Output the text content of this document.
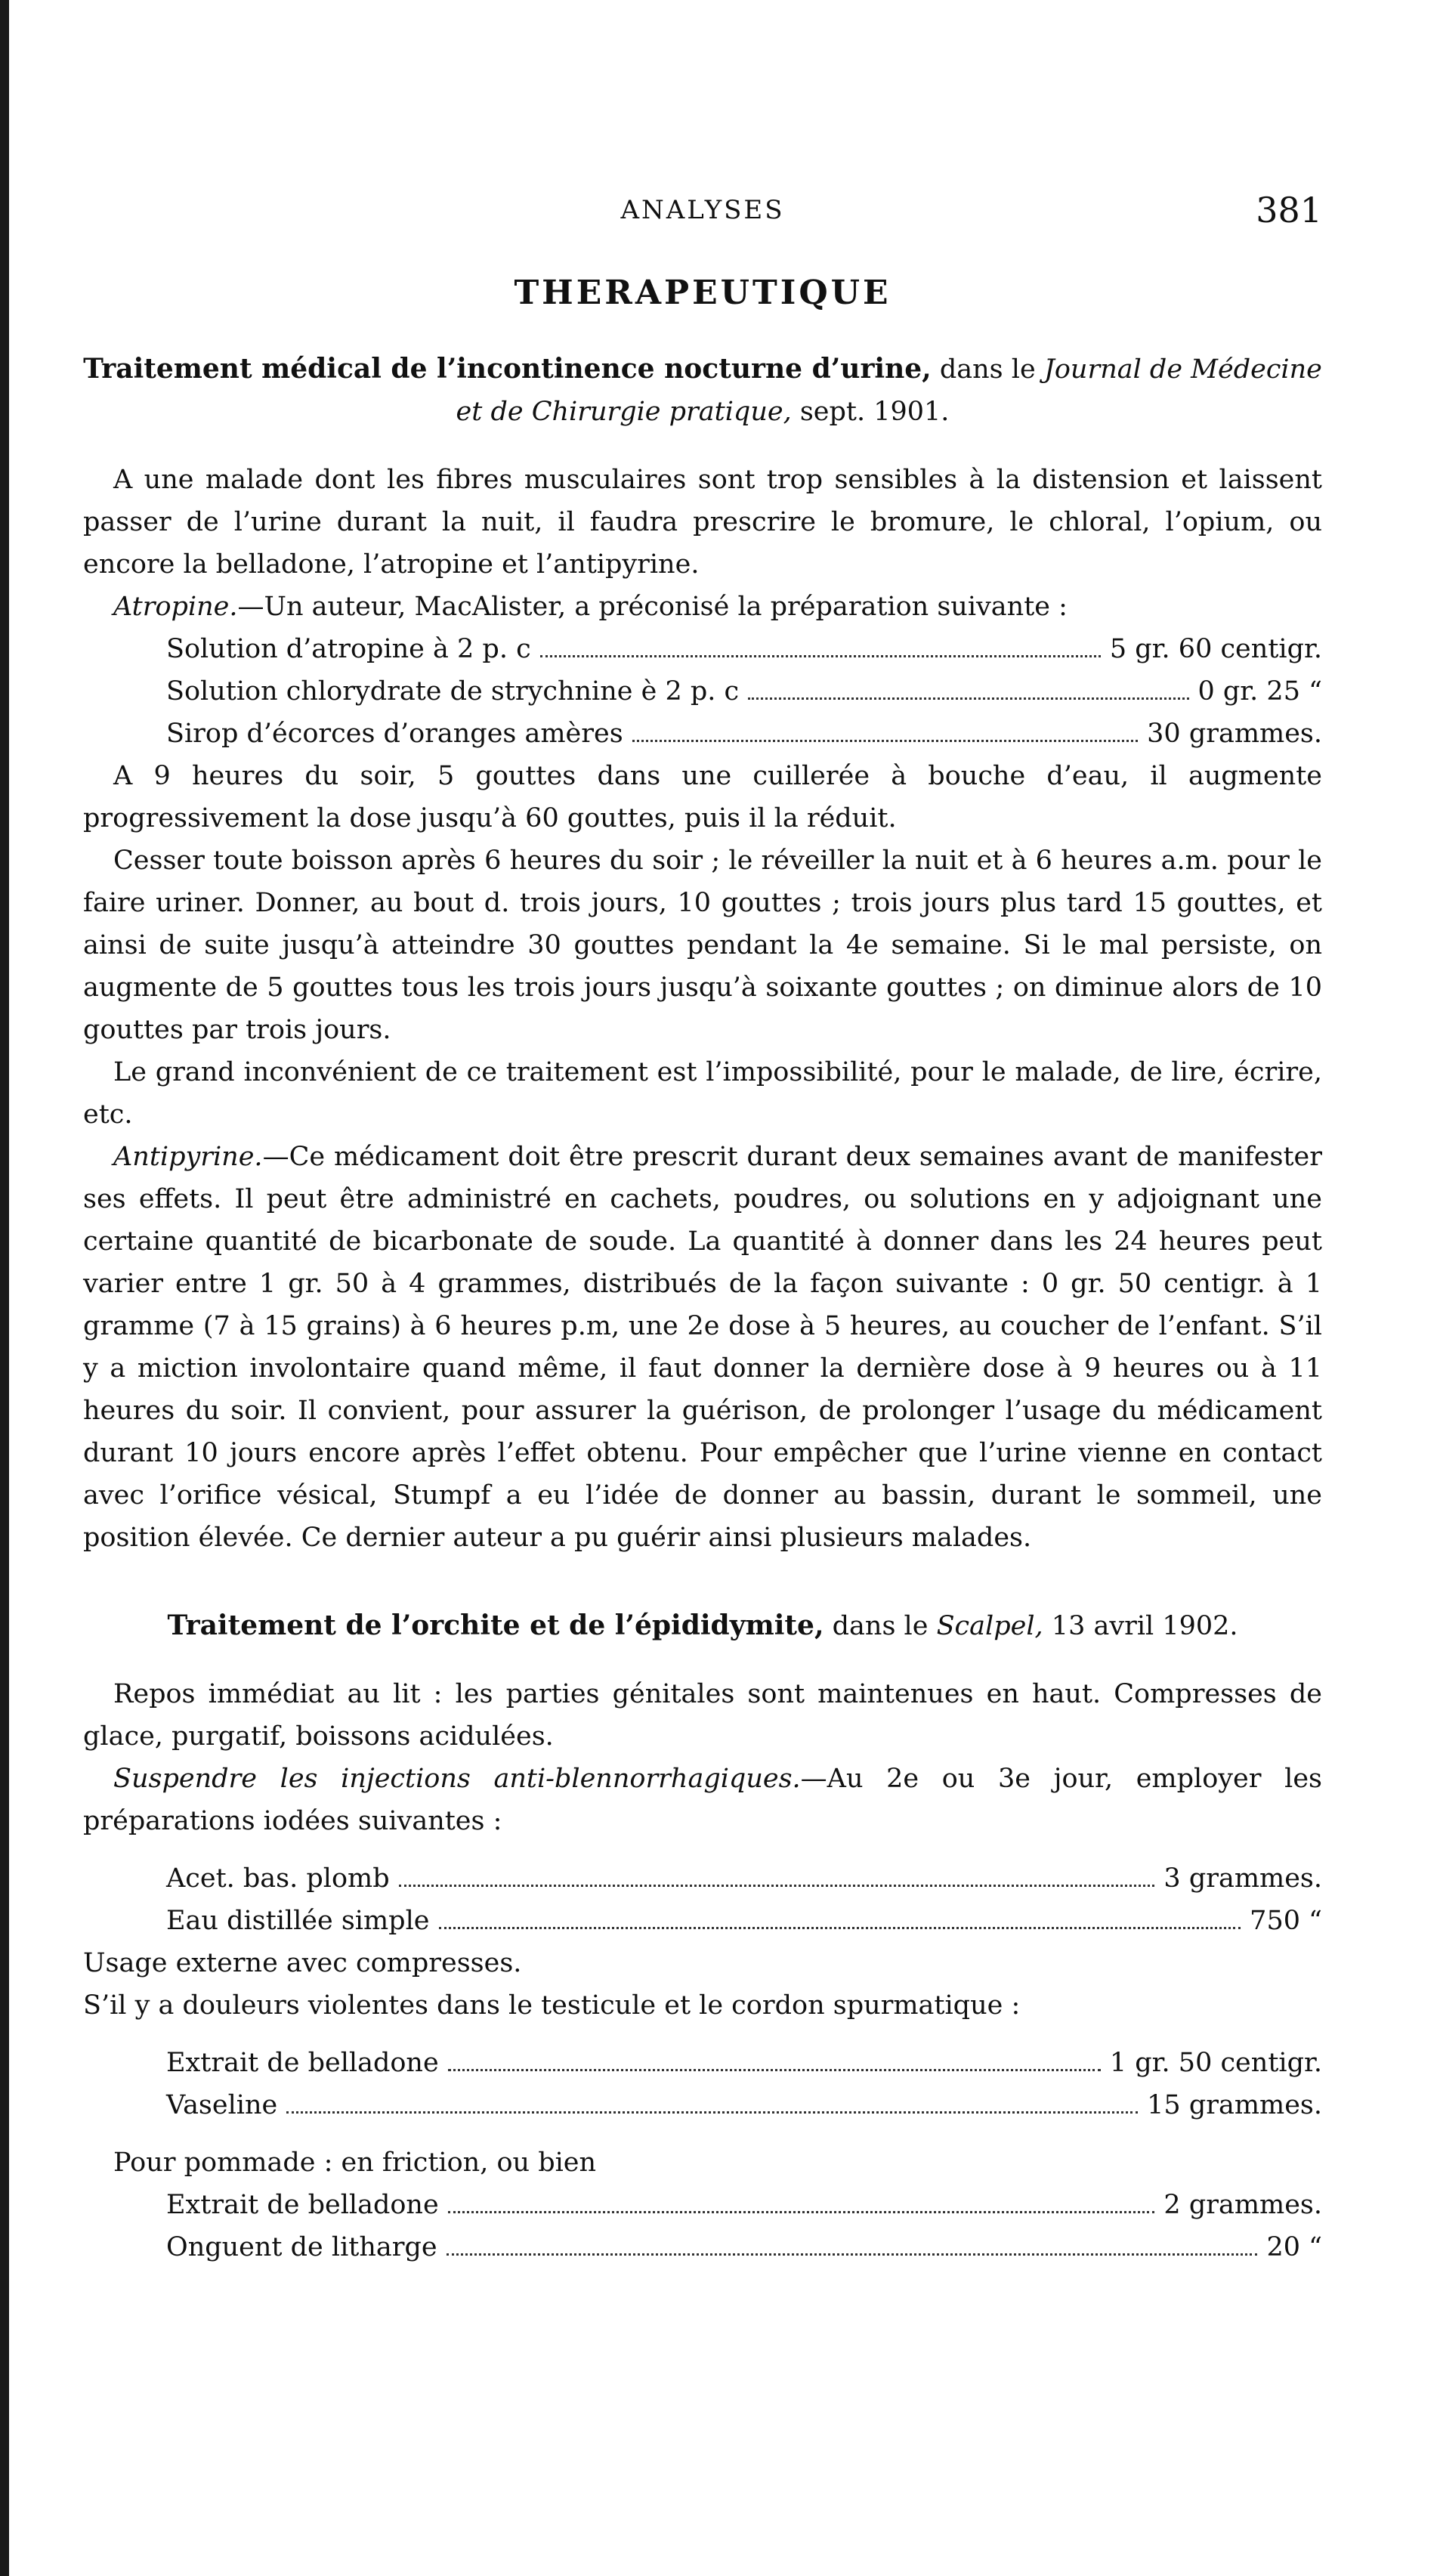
ANALYSES	381
THERAPEUTIQUE
Traitement médical de l’incontinence nocturne d’urine, dans le Journal de Médecine et de Chirurgie pratique, sept. 1901.

A une malade dont les fibres musculaires sont trop sensibles à la distension et laissent passer de l’urine durant la nuit, il faudra prescrire le bromure, le chloral, l’opium, ou encore la belladone, l’atropine et l’antipyrine.

Atropine.—Un auteur, MacAlister, a préconisé la préparation suivante :

Solution d’atropine à 2 p. c	5 gr. 60 centigr.
Solution chlorydrate de strychnine è 2 p. c	0 gr. 25 “
Sirop d’écorces d’oranges amères	30 grammes.

A 9 heures du soir, 5 gouttes dans une cuillerée à bouche d’eau, il augmente progressivement la dose jusqu’à 60 gouttes, puis il la réduit.

Cesser toute boisson après 6 heures du soir ; le réveiller la nuit et à 6 heures a.m. pour le faire uriner. Donner, au bout d. trois jours, 10 gouttes ; trois jours plus tard 15 gouttes, et ainsi de suite jusqu’à atteindre 30 gouttes pendant la 4e semaine. Si le mal persiste, on augmente de 5 gouttes tous les trois jours jusqu’à soixante gouttes ; on diminue alors de 10 gouttes par trois jours.

Le grand inconvénient de ce traitement est l’impossibilité, pour le malade, de lire, écrire, etc.

Antipyrine.—Ce médicament doit être prescrit durant deux semaines avant de manifester ses effets. Il peut être administré en cachets, poudres, ou solutions en y adjoignant une certaine quantité de bicarbonate de soude. La quantité à donner dans les 24 heures peut varier entre 1 gr. 50 à 4 grammes, distribués de la façon suivante : 0 gr. 50 centigr. à 1 gramme (7 à 15 grains) à 6 heures p.m, une 2e dose à 5 heures, au coucher de l’enfant. S’il y a miction involontaire quand même, il faut donner la dernière dose à 9 heures ou à 11 heures du soir. Il convient, pour assurer la guérison, de prolonger l’usage du médicament durant 10 jours encore après l’effet obtenu. Pour empêcher que l’urine vienne en contact avec l’orifice vésical, Stumpf a eu l’idée de donner au bassin, durant le sommeil, une position élevée. Ce dernier auteur a pu guérir ainsi plusieurs malades.

Traitement de l’orchite et de l’épididymite, dans le Scalpel, 13 avril 1902.

Repos immédiat au lit : les parties génitales sont maintenues en haut. Compresses de glace, purgatif, boissons acidulées.

Suspendre les injections anti-blennorrhagiques.—Au 2e ou 3e jour, employer les préparations iodées suivantes :

Acet. bas. plomb	3 grammes.
Eau distillée simple	750 “

Usage externe avec compresses.

S’il y a douleurs violentes dans le testicule et le cordon spurmatique :

Extrait de belladone	1 gr. 50 centigr.
Vaseline	15 grammes.

Pour pommade : en friction, ou bien

Extrait de belladone	2 grammes.
Onguent de litharge	20 “
